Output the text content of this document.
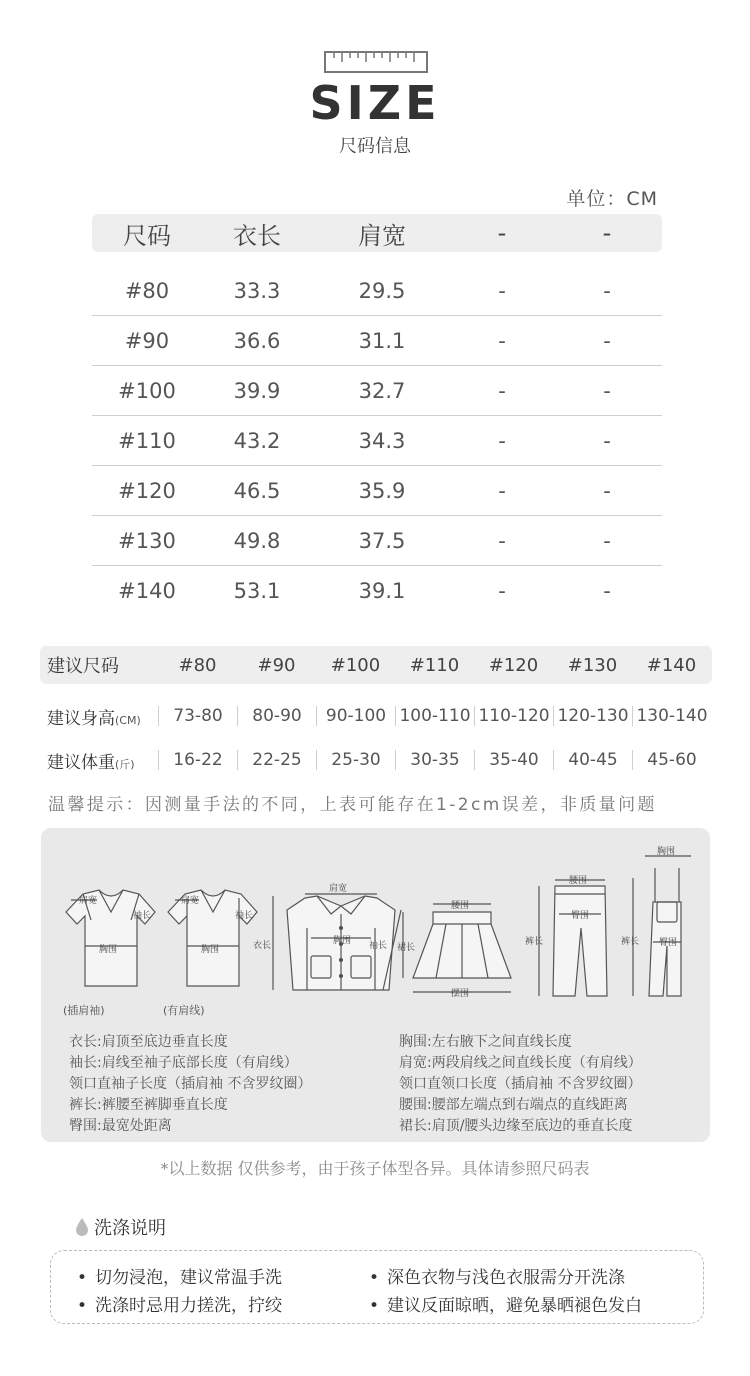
SIZE
尺码信息
单位：CM
尺码	衣长	肩宽	-	-
#80	33.3	29.5	-	-
#90	36.6	31.1	-	-
#100	39.9	32.7	-	-
#110	43.2	34.3	-	-
#120	46.5	35.9	-	-
#130	49.8	37.5	-	-
#140	53.1	39.1	-	-
建议尺码	#80	#90	#100	#110	#120	#130	#140
建议身高(CM)	73-80	80-90	90-100 100-110 110-120 120-130 130-140
建议体重(斤)	16-22	22-25	25-30	30-35	35-40	40-45	45-60
温馨提示：因测量手法的不同，上表可能存在1-2cm误差，非质量问题
肩宽
袖长
胸围
肩宽
袖长
胸围
肩宽
胸围
衣长	袖长
腰围
裙长
摆围
腰围
臀围
裤长
胸围
裤长 臀围
(插肩袖)	(有肩线)
衣长:肩顶至底边垂直长度
袖长:肩线至袖子底部长度（有肩线）
领口直袖子长度（插肩袖 不含罗纹圈）
裤长:裤腰至裤脚垂直长度
臀围:最宽处距离
胸围:左右腋下之间直线长度
肩宽:两段肩线之间直线长度（有肩线）
领口直领口长度（插肩袖 不含罗纹圈）
腰围:腰部左端点到右端点的直线距离
裙长:肩顶/腰头边缘至底边的垂直长度
*以上数据 仅供参考，由于孩子体型各异。具体请参照尺码表
洗涤说明
• 切勿浸泡，建议常温手洗	• 深色衣物与浅色衣服需分开洗涤
• 洗涤时忌用力搓洗，拧绞	• 建议反面晾晒，避免暴晒褪色发白
